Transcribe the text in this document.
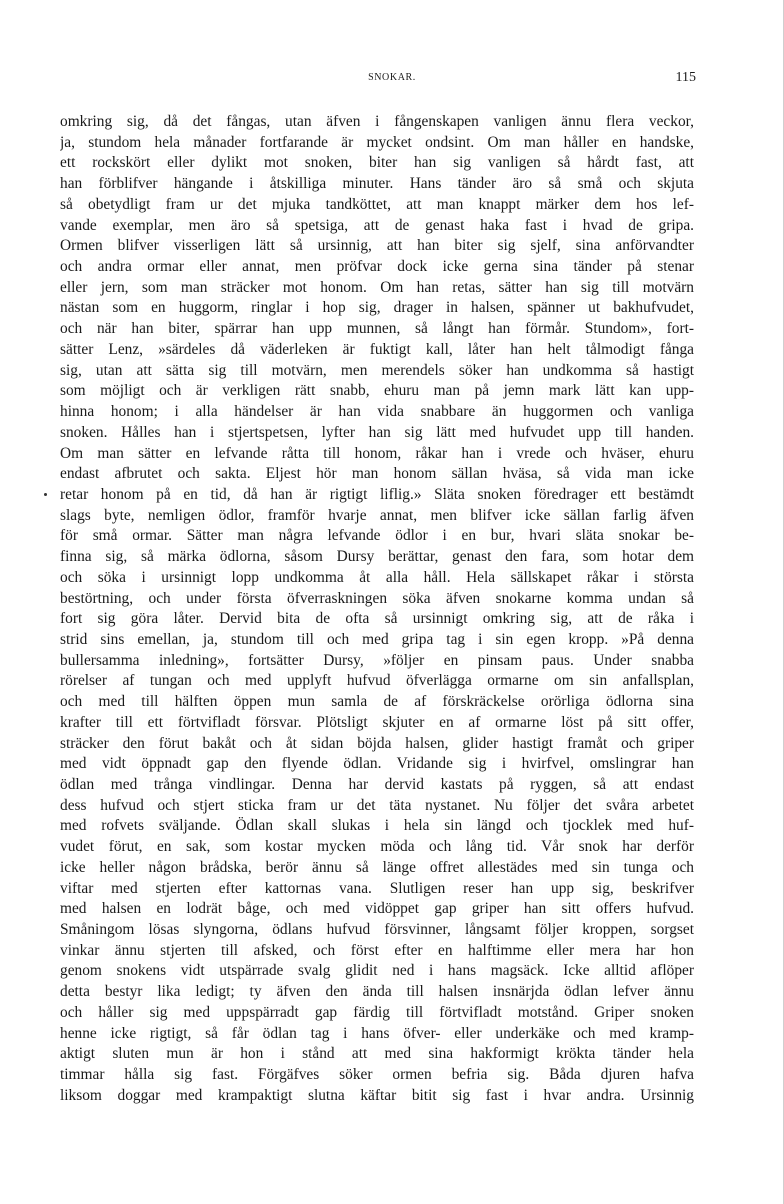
SNOKAR.	115
omkring sig, då det fångas, utan äfven i fångenskapen vanligen ännu flera veckor,
ja, stundom hela månader fortfarande är mycket ondsint. Om man håller en handske,
ett rockskört eller dylikt mot snoken, biter han sig vanligen så hårdt fast, att
han förblifver hängande i åtskilliga minuter. Hans tänder äro så små och skjuta
så obetydligt fram ur det mjuka tandköttet, att man knappt märker dem hos lef-
vande exemplar, men äro så spetsiga, att de genast haka fast i hvad de gripa.
Ormen blifver visserligen lätt så ursinnig, att han biter sig sjelf, sina anförvandter
och andra ormar eller annat, men pröfvar dock icke gerna sina tänder på stenar
eller jern, som man sträcker mot honom. Om han retas, sätter han sig till motvärn
nästan som en huggorm, ringlar i hop sig, drager in halsen, spänner ut bakhufvudet,
och när han biter, spärrar han upp munnen, så långt han förmår. Stundom», fort-
sätter Lenz, »särdeles då väderleken är fuktigt kall, låter han helt tålmodigt fånga
sig, utan att sätta sig till motvärn, men merendels söker han undkomma så hastigt
som möjligt och är verkligen rätt snabb, ehuru man på jemn mark lätt kan upp-
hinna honom; i alla händelser är han vida snabbare än huggormen och vanliga
snoken. Hålles han i stjertspetsen, lyfter han sig lätt med hufvudet upp till handen.
Om man sätter en lefvande råtta till honom, råkar han i vrede och hväser, ehuru
endast afbrutet och sakta. Eljest hör man honom sällan hväsa, så vida man icke
retar honom på en tid, då han är rigtigt liflig.» Släta snoken föredrager ett bestämdt
slags byte, nemligen ödlor, framför hvarje annat, men blifver icke sällan farlig äfven
för små ormar. Sätter man några lefvande ödlor i en bur, hvari släta snokar be-
finna sig, så märka ödlorna, såsom Dursy berättar, genast den fara, som hotar dem
och söka i ursinnigt lopp undkomma åt alla håll. Hela sällskapet råkar i största
bestörtning, och under första öfverraskningen söka äfven snokarne komma undan så
fort sig göra låter. Dervid bita de ofta så ursinnigt omkring sig, att de råka i
strid sins emellan, ja, stundom till och med gripa tag i sin egen kropp. »På denna
bullersamma inledning», fortsätter Dursy, »följer en pinsam paus. Under snabba
rörelser af tungan och med upplyft hufvud öfverlägga ormarne om sin anfallsplan,
och med till hälften öppen mun samla de af förskräckelse orörliga ödlorna sina
krafter till ett förtvifladt försvar. Plötsligt skjuter en af ormarne löst på sitt offer,
sträcker den förut bakåt och åt sidan böjda halsen, glider hastigt framåt och griper
med vidt öppnadt gap den flyende ödlan. Vridande sig i hvirfvel, omslingrar han
ödlan med trånga vindlingar. Denna har dervid kastats på ryggen, så att endast
dess hufvud och stjert sticka fram ur det täta nystanet. Nu följer det svåra arbetet
med rofvets sväljande. Ödlan skall slukas i hela sin längd och tjocklek med huf-
vudet förut, en sak, som kostar mycken möda och lång tid. Vår snok har derför
icke heller någon brådska, berör ännu så länge offret allestädes med sin tunga och
viftar med stjerten efter kattornas vana. Slutligen reser han upp sig, beskrifver
med halsen en lodrät båge, och med vidöppet gap griper han sitt offers hufvud.
Småningom lösas slyngorna, ödlans hufvud försvinner, långsamt följer kroppen, sorgset
vinkar ännu stjerten till afsked, och först efter en halftimme eller mera har hon
genom snokens vidt utspärrade svalg glidit ned i hans magsäck. Icke alltid aflöper
detta bestyr lika ledigt; ty äfven den ända till halsen insnärjda ödlan lefver ännu
och håller sig med uppspärradt gap färdig till förtvifladt motstånd. Griper snoken
henne icke rigtigt, så får ödlan tag i hans öfver- eller underkäke och med kramp-
aktigt sluten mun är hon i stånd att med sina hakformigt krökta tänder hela
timmar hålla sig fast. Förgäfves söker ormen befria sig. Båda djuren hafva
liksom doggar med krampaktigt slutna käftar bitit sig fast i hvar andra. Ursinnig
